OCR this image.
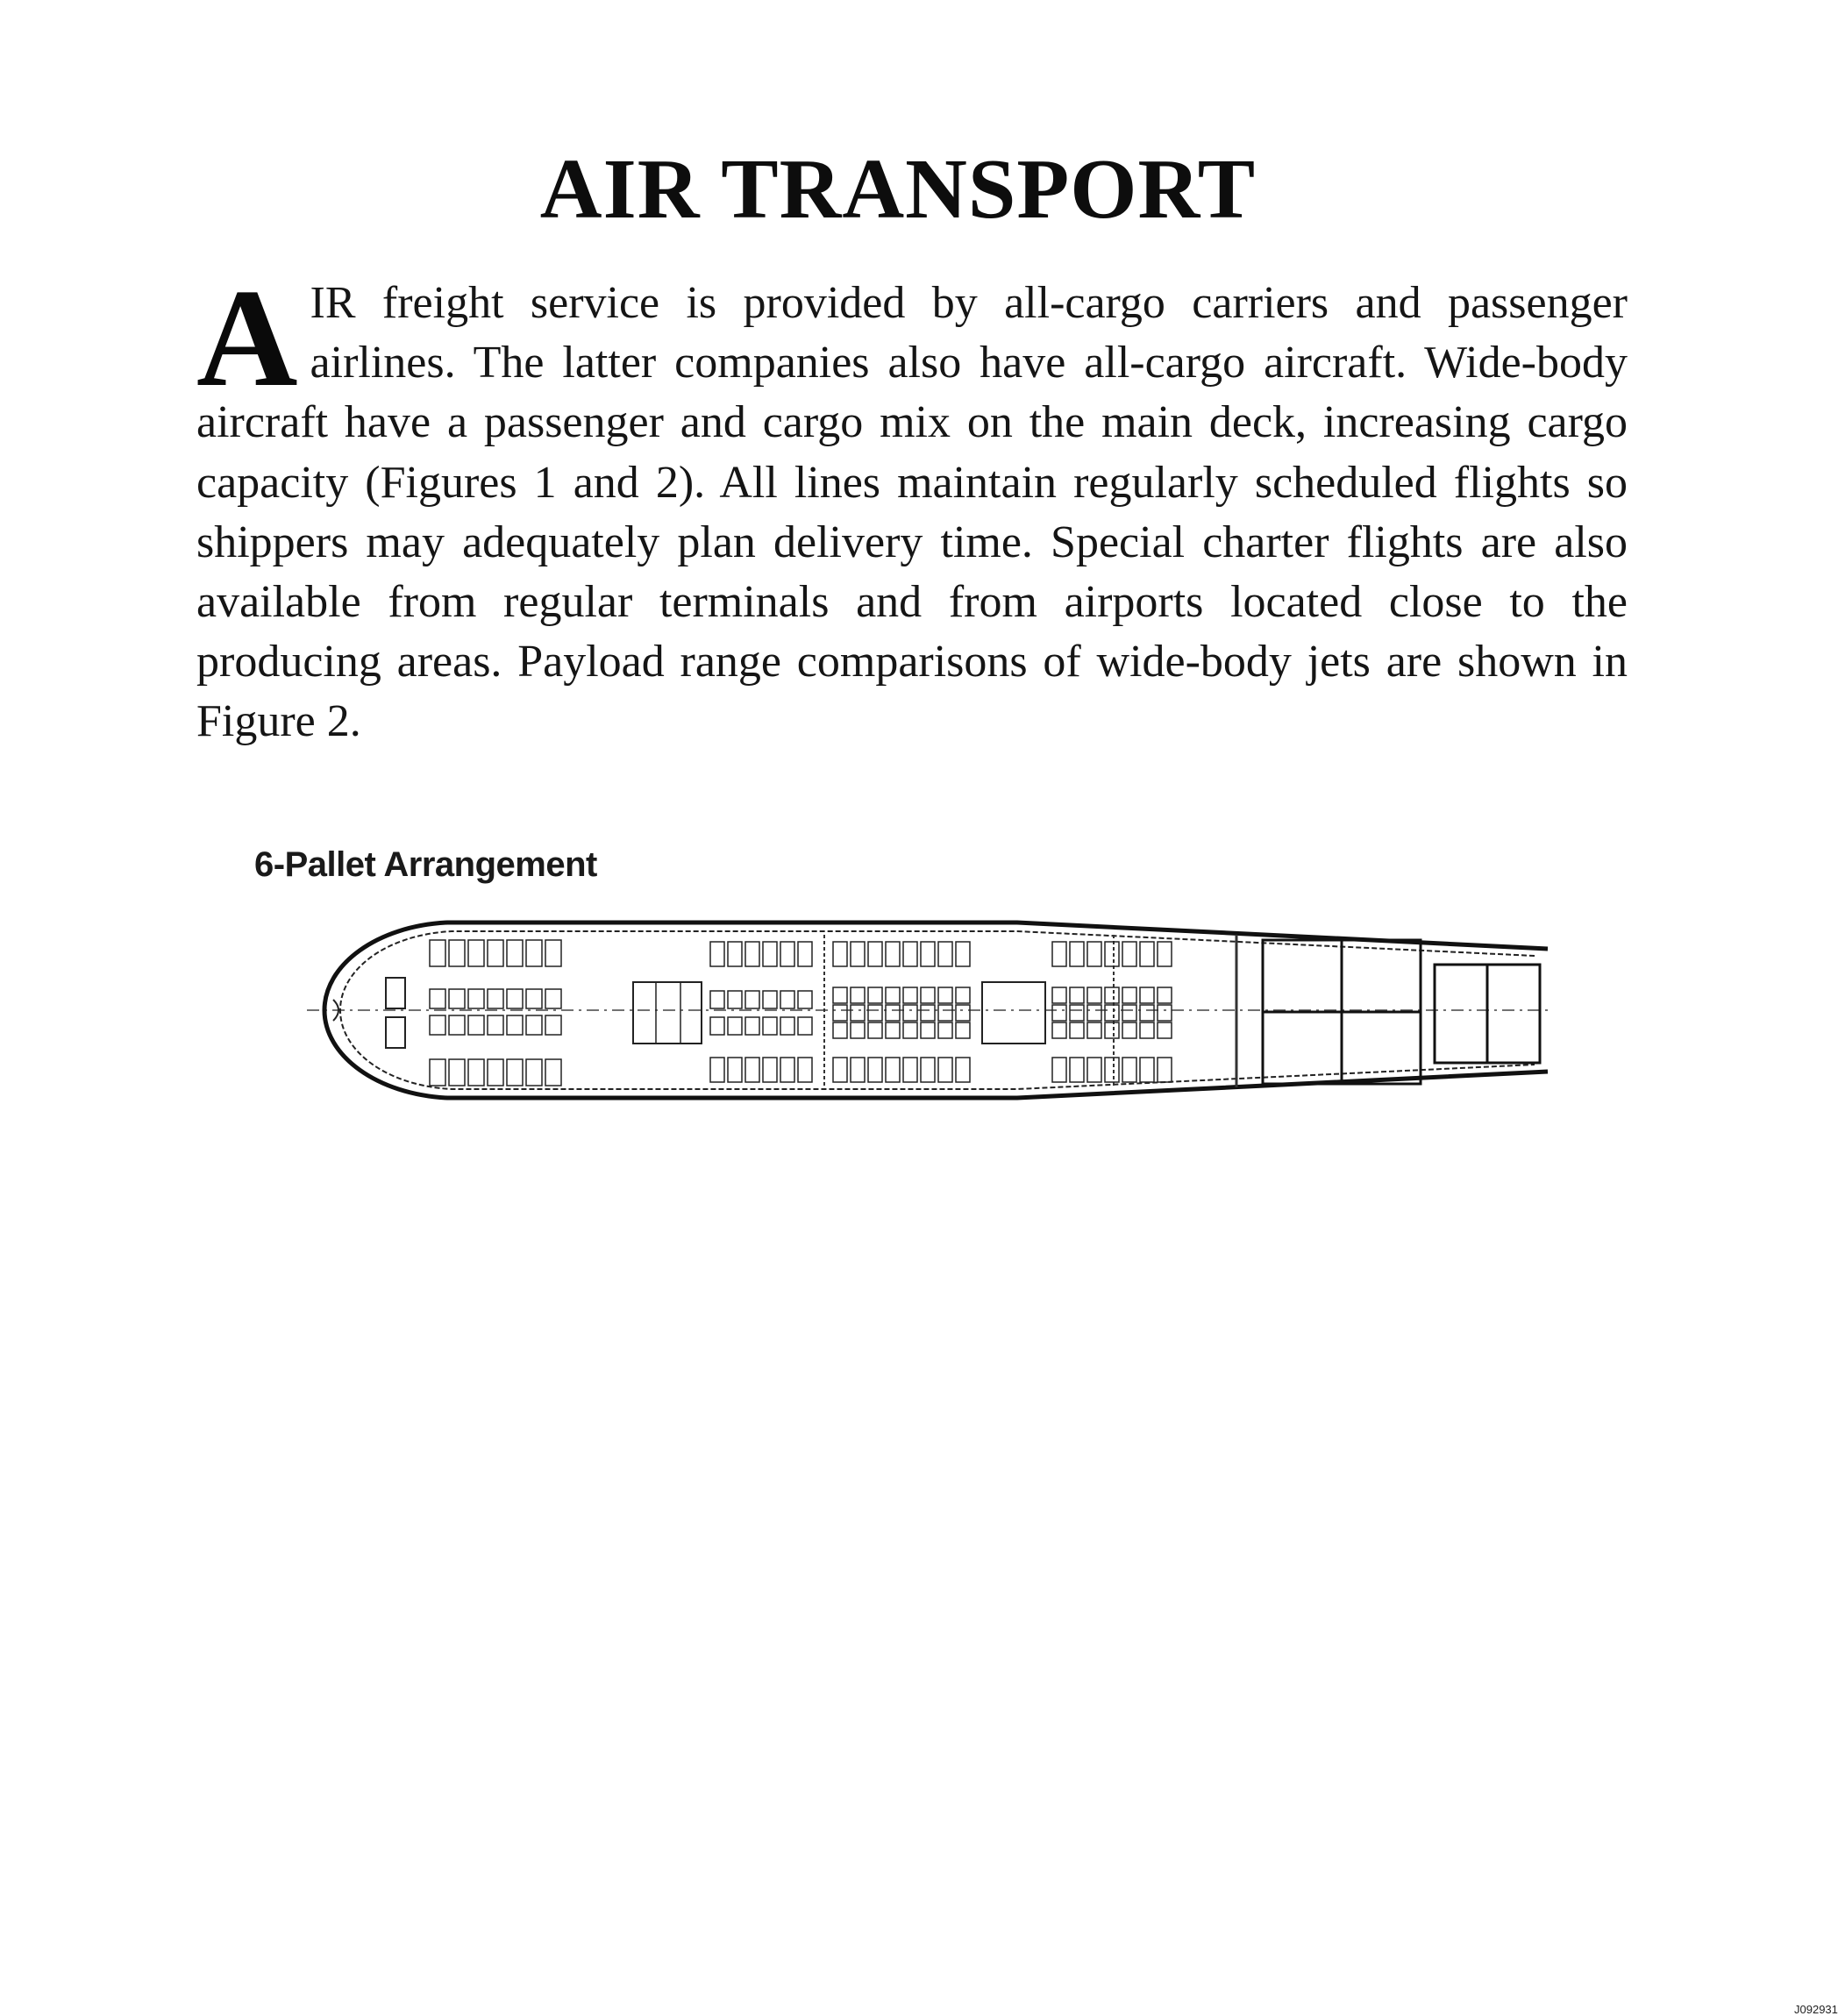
AIR TRANSPORT

AIR freight service is provided by all-cargo carriers and passenger airlines. The latter companies also have all-cargo aircraft. Wide-body aircraft have a passenger and cargo mix on the main deck, increasing cargo capacity (Figures 1 and 2). All lines maintain regularly scheduled flights so shippers may adequately plan delivery time. Special charter flights are also available from regular terminals and from airports located close to the producing areas. Payload range comparisons of wide-body jets are shown in Figure 2.

6-Pallet Arrangement
J092931
